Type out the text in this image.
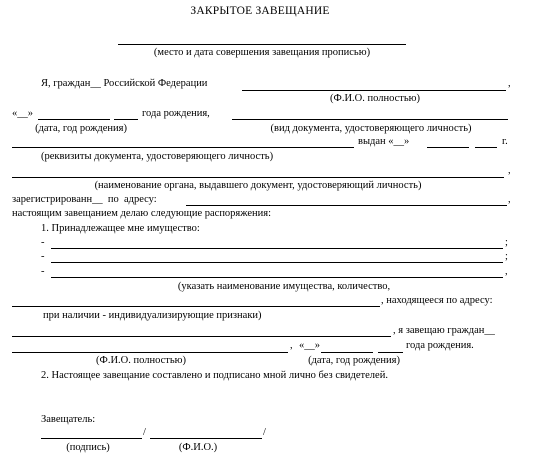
ЗАКРЫТОЕ ЗАВЕЩАНИЕ
(место и дата совершения завещания прописью)
Я, граждан__ Российской Федерации	,
(Ф.И.О. полностью)
«__»	года рождения,
(дата, год рождения)	(вид документа, удостоверяющего личность)
выдан «__»	г.
(реквизиты документа, удостоверяющего личность)
,
(наименование органа, выдавшего документ, удостоверяющий личность)
зарегистрированн__  по  адресу:	,
настоящим завещанием делаю следующие распоряжения:
1. Принадлежащее мне имущество:
-	;
-	;
-	,
(указать наименование имущества, количество,
, находящееся по адресу:
при наличии - индивидуализирующие признаки)
, я завещаю граждан__
, «__»	года рождения.
(Ф.И.О. полностью)	(дата, год рождения)
2. Настоящее завещание составлено и подписано мной лично без свидетелей.
Завещатель:
/	/
(подпись)	(Ф.И.О.)
